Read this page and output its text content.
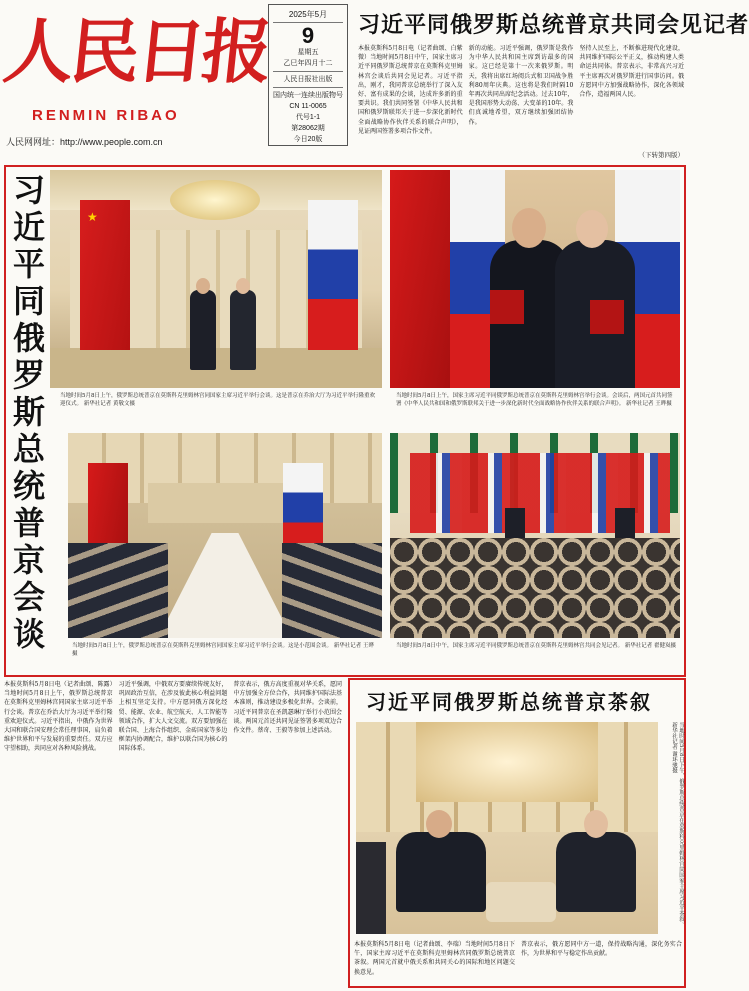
人民日报
RENMIN RIBAO
人民网网址：http://www.people.com.cn
2025年5月
9
星期五
乙巳年四月十二
人民日报社出版
国内统一连续出版物号
CN 11-0065
代号1-1
第28062期
今日20版
习近平同俄罗斯总统普京共同会见记者
本报莫斯科5月8日电（记者曲颂、白紫微）当地时间5月8日中午，国家主席习近平同俄罗斯总统普京在莫斯科克里姆林宫会谈后共同会见记者。习近平指出，刚才，我同普京总统举行了深入友好、富有成果的会谈，达成许多新的重要共识。我们共同签署《中华人民共和国和俄罗斯联邦关于进一步深化新时代全面战略协作伙伴关系的联合声明》，见证两国签署多项合作文件。
新的动能。习近平强调，俄罗斯是我作为中华人民共和国主席到访最多的国家。这已经是第十一次来俄罗斯。明天，我将出席红场阅兵式和卫国战争胜利80周年庆典。这也将是我们时隔10年再次共同出席纪念活动。过去10年，是我国形势大动荡、大变革的10年。我们真诚地希望，双方继续加强团结协作。
坚持人民至上，不断推进现代化建设，共同维护国际公平正义，推动构建人类命运共同体。普京表示，非常高兴习近平主席再次对俄罗斯进行国事访问。俄方愿同中方加强战略协作，深化各领域合作，造福两国人民。
（下转第四版）
习
近
平
同
俄
罗
斯
总
统
普
京
会
谈
★
当地时间5月8日上午，俄罗斯总统普京在莫斯科克里姆林宫同国家主席习近平举行会谈。这是普京在乔治大厅为习近平举行隆重欢迎仪式。 新华社记者 黄敬文摄
当地时间5月8日上午，国家主席习近平同俄罗斯总统普京在莫斯科克里姆林宫举行会谈。会谈后，两国元首共同签署《中华人民共和国和俄罗斯联邦关于进一步深化新时代全面战略协作伙伴关系的联合声明》。 新华社记者 王晔摄
当地时间5月8日上午，俄罗斯总统普京在莫斯科克里姆林宫同国家主席习近平举行会谈。这是小范围会谈。 新华社记者 王晔摄
当地时间5月8日中午，国家主席习近平同俄罗斯总统普京在莫斯科克里姆林宫共同会见记者。 新华社记者 翟健岚摄
本报莫斯科5月8日电（记者曲颂、陈露）当地时间5月8日上午，俄罗斯总统普京在莫斯科克里姆林宫同国家主席习近平举行会谈。普京在乔治大厅为习近平举行隆重欢迎仪式。习近平指出，中俄作为世界大国和联合国安理会常任理事国，肩负着维护世界和平与发展的重要责任。双方应守望相助，共同应对各种风险挑战。
习近平强调，中俄双方要赓续传统友好，巩固政治互信，在涉及彼此核心利益问题上相互坚定支持。中方愿同俄方深化经贸、能源、农业、航空航天、人工智能等领域合作，扩大人文交流。双方要加强在联合国、上海合作组织、金砖国家等多边框架内协调配合，维护以联合国为核心的国际体系。
普京表示，俄方高度重视对华关系，愿同中方加强全方位合作，共同维护国际法基本准则，推动建设多极化世界。会谈前，习近平同普京在圣凯瑟琳厅举行小范围会谈。两国元首还共同见证签署多项双边合作文件。蔡奇、王毅等参加上述活动。
习近平同俄罗斯总统普京茶叙
当地时间5月8日下午，俄罗斯总统普京在莫斯科克里姆林宫同国家主席习近平茶叙。 新华社记者 谢环驰摄
本报莫斯科5月8日电（记者曲颂、李瑞）当地时间5月8日下午，国家主席习近平在莫斯科克里姆林宫同俄罗斯总统普京茶叙。两国元首就中俄关系和共同关心的国际和地区问题交换意见。
普京表示，俄方愿同中方一道，保持战略沟通，深化务实合作，为世界和平与稳定作出贡献。
